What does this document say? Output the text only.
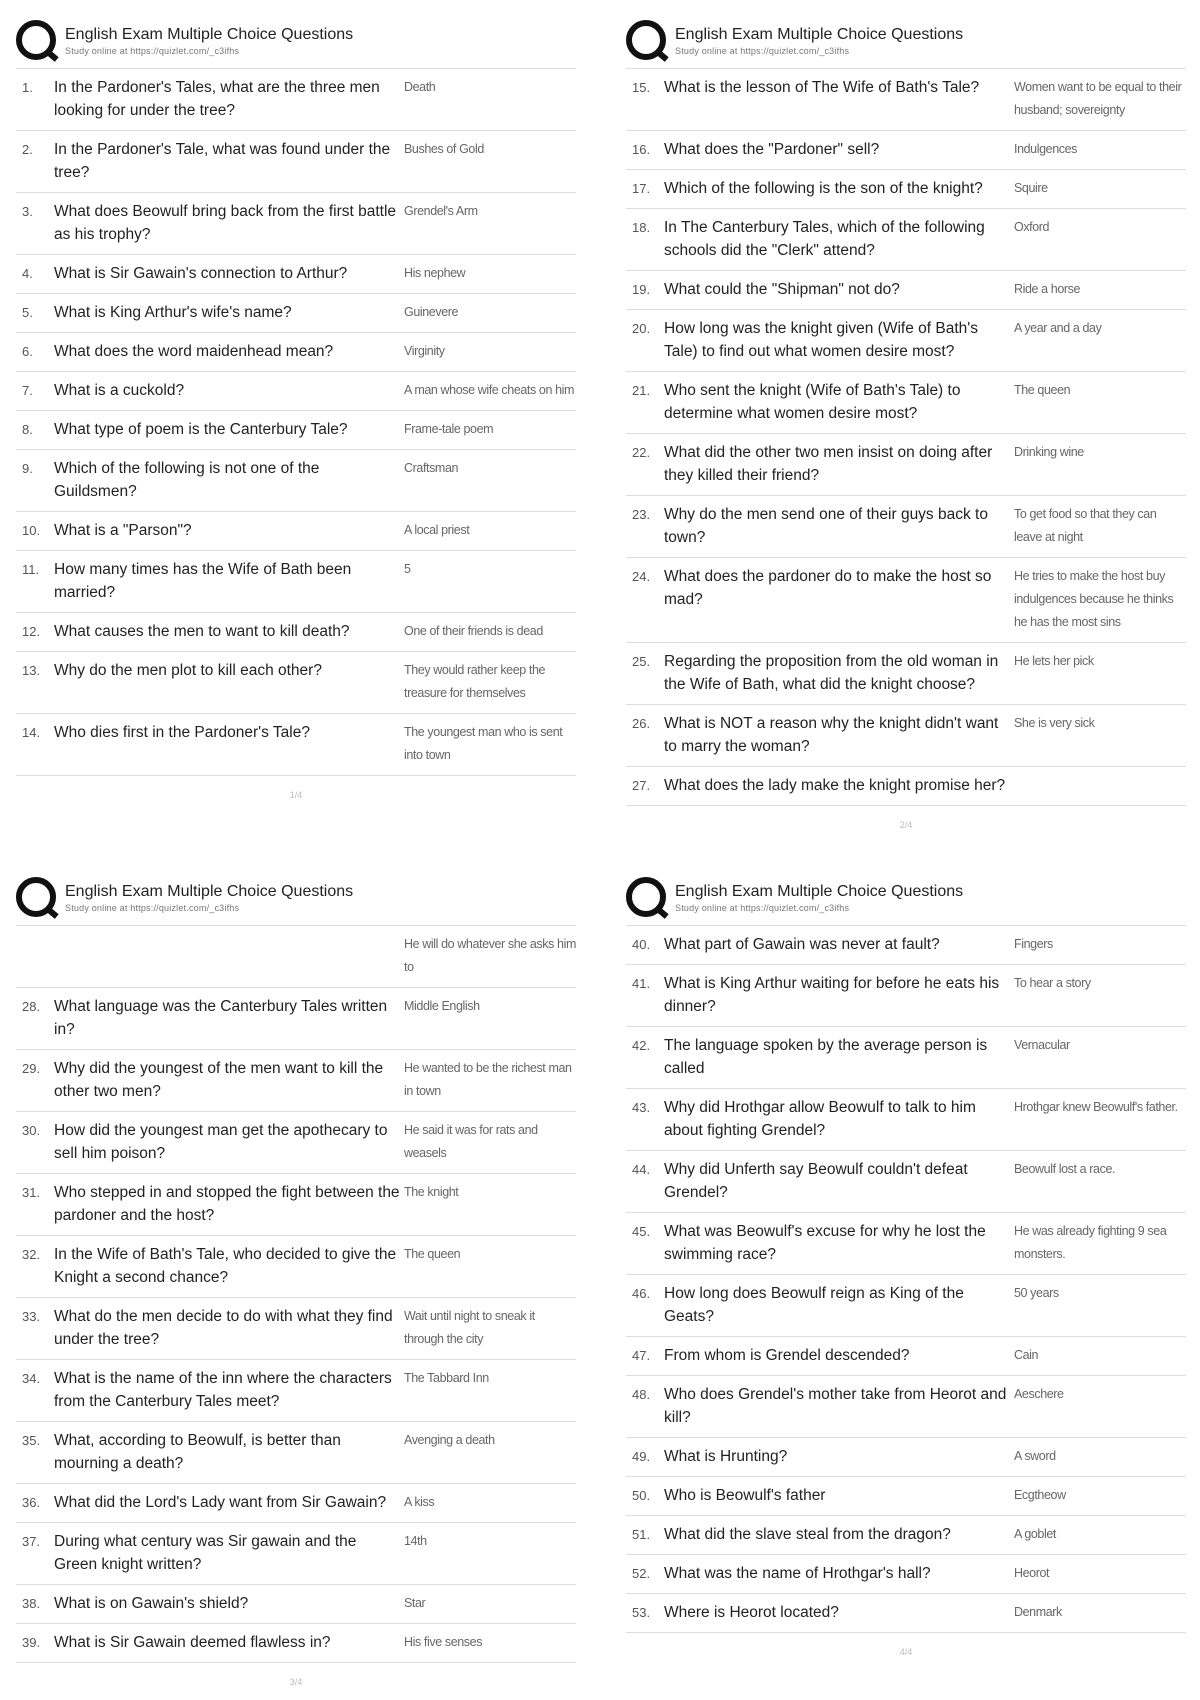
English Exam Multiple Choice Questions
Study online at https://quizlet.com/_c3ifhs
1.	In the Pardoner's Tales, what are the three men looking for under the tree?
Death
2.	In the Pardoner's Tale, what was found under the tree?
Bushes of Gold
3.	What does Beowulf bring back from the first battle as his trophy?
Grendel's Arm
4.	What is Sir Gawain's connection to Arthur?	His nephew
5.	What is King Arthur's wife's name?	Guinevere
6.	What does the word maidenhead mean?	Virginity
7.	What is a cuckold?	A man whose wife cheats on him
8.	What type of poem is the Canterbury Tale?	Frame-tale poem
9.	Which of the following is not one of the Guildsmen?
Craftsman
10. What is a "Parson"?	A local priest
11. How many times has the Wife of Bath been married?
5
12. What causes the men to want to kill death?	One of their friends is dead
13. Why do the men plot to kill each other?	They would rather keep the treasure for themselves
14. Who dies first in the Pardoner's Tale?	The youngest man who is sent into town
1/4
English Exam Multiple Choice Questions
Study online at https://quizlet.com/_c3ifhs
15. What is the lesson of The Wife of Bath's Tale?	Women want to be equal to their husband; sovereignty
16. What does the "Pardoner" sell?	Indulgences
17. Which of the following is the son of the knight?	Squire
18. In The Canterbury Tales, which of the following schools did the "Clerk" attend?
Oxford
19. What could the "Shipman" not do?	Ride a horse
20. How long was the knight given (Wife of Bath's Tale) to find out what women desire most?
A year and a day
21. Who sent the knight (Wife of Bath's Tale) to determine what women desire most?
The queen
22. What did the other two men insist on doing after they killed their friend?
Drinking wine
23. Why do the men send one of their guys back to town?
To get food so that they can leave at night
24. What does the pardoner do to make the host so mad?
He tries to make the host buy indulgences because he thinks he has the most sins
25. Regarding the proposition from the old woman in the Wife of Bath, what did the knight choose?
He lets her pick
26. What is NOT a reason why the knight didn't want to marry the woman?
She is very sick
27. What does the lady make the knight promise her?
2/4
English Exam Multiple Choice Questions
Study online at https://quizlet.com/_c3ifhs
He will do whatever she asks him to
28. What language was the Canterbury Tales written in?
Middle English
29. Why did the youngest of the men want to kill the other two men?
He wanted to be the richest man in town
30. How did the youngest man get the apothecary to sell him poison?
He said it was for rats and weasels
31. Who stepped in and stopped the fight between the pardoner and the host?
The knight
32. In the Wife of Bath's Tale, who decided to give the Knight a second chance?
The queen
33. What do the men decide to do with what they find under the tree?
Wait until night to sneak it through the city
34. What is the name of the inn where the characters from the Canterbury Tales meet?
The Tabbard Inn
35. What, according to Beowulf, is better than mourning a death?
Avenging a death
36. What did the Lord's Lady want from Sir Gawain?	A kiss
37. During what century was Sir gawain and the Green knight written?
14th
38. What is on Gawain's shield?	Star
39. What is Sir Gawain deemed flawless in?	His five senses
3/4
English Exam Multiple Choice Questions
Study online at https://quizlet.com/_c3ifhs
40. What part of Gawain was never at fault?	Fingers
41. What is King Arthur waiting for before he eats his dinner?
To hear a story
42. The language spoken by the average person is called
Vernacular
43. Why did Hrothgar allow Beowulf to talk to him about fighting Grendel?
Hrothgar knew Beowulf's father.
44. Why did Unferth say Beowulf couldn't defeat Grendel?
Beowulf lost a race.
45. What was Beowulf's excuse for why he lost the swimming race?
He was already fighting 9 sea monsters.
46. How long does Beowulf reign as King of the Geats?
50 years
47. From whom is Grendel descended?	Cain
48. Who does Grendel's mother take from Heorot and kill?
Aeschere
49. What is Hrunting?	A sword
50. Who is Beowulf's father	Ecgtheow
51. What did the slave steal from the dragon?	A goblet
52. What was the name of Hrothgar's hall?	Heorot
53. Where is Heorot located?	Denmark
4/4
